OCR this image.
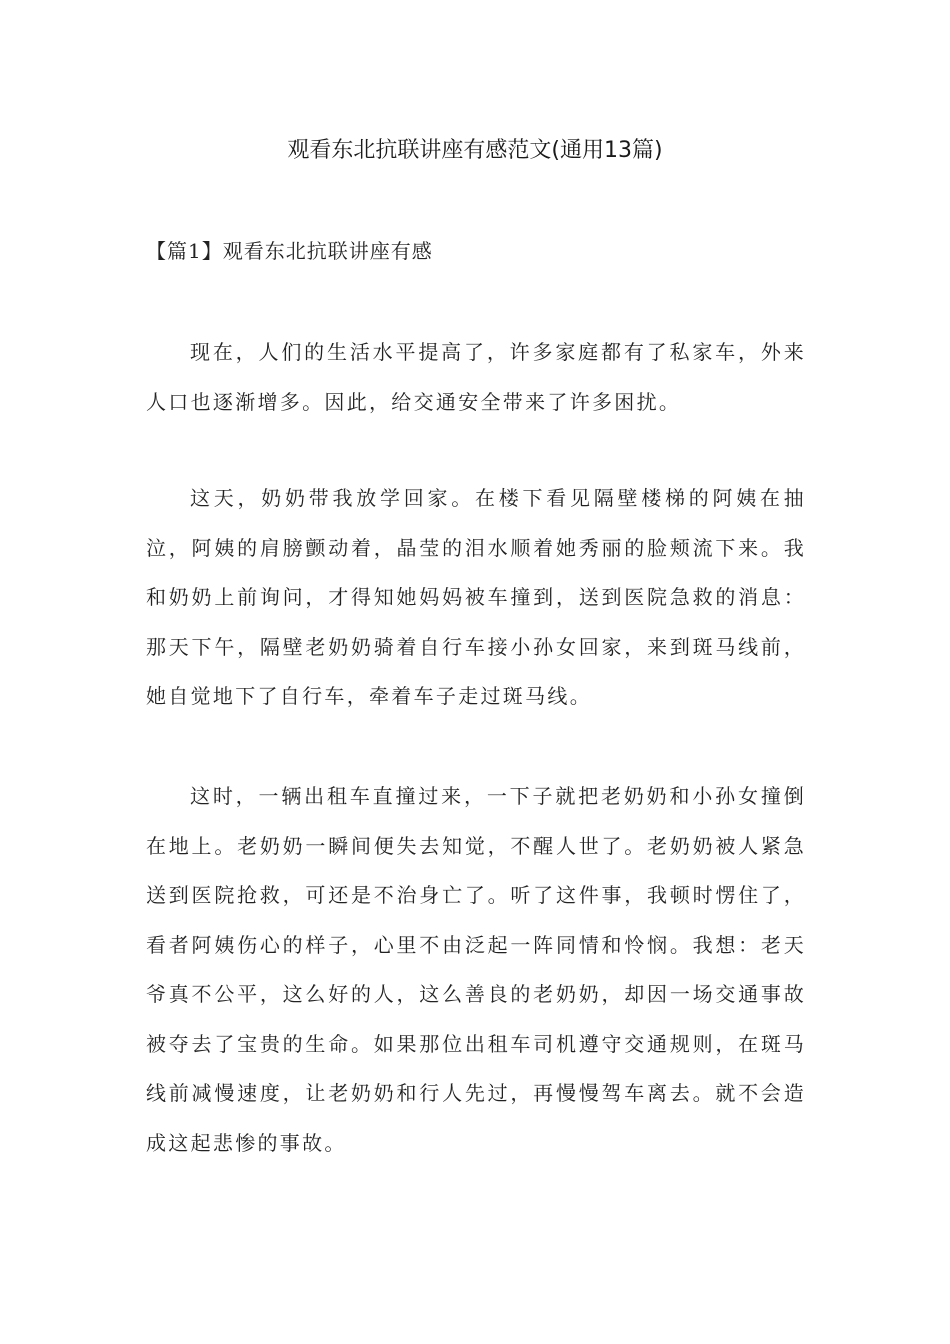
观看东北抗联讲座有感范文(通用13篇)
【篇1】观看东北抗联讲座有感

现在，人们的生活水平提高了，许多家庭都有了私家车，外来人口也逐渐增多。因此，给交通安全带来了许多困扰。

这天，奶奶带我放学回家。在楼下看见隔壁楼梯的阿姨在抽泣，阿姨的肩膀颤动着，晶莹的泪水顺着她秀丽的脸颊流下来。我和奶奶上前询问，才得知她妈妈被车撞到，送到医院急救的消息：那天下午，隔壁老奶奶骑着自行车接小孙女回家，来到斑马线前，她自觉地下了自行车，牵着车子走过斑马线。

这时，一辆出租车直撞过来，一下子就把老奶奶和小孙女撞倒在地上。老奶奶一瞬间便失去知觉，不醒人世了。老奶奶被人紧急送到医院抢救，可还是不治身亡了。听了这件事，我顿时愣住了，看者阿姨伤心的样子，心里不由泛起一阵同情和怜悯。我想：老天爷真不公平，这么好的人，这么善良的老奶奶，却因一场交通事故被夺去了宝贵的生命。如果那位出租车司机遵守交通规则，在斑马线前减慢速度，让老奶奶和行人先过，再慢慢驾车离去。就不会造成这起悲惨的事故。
